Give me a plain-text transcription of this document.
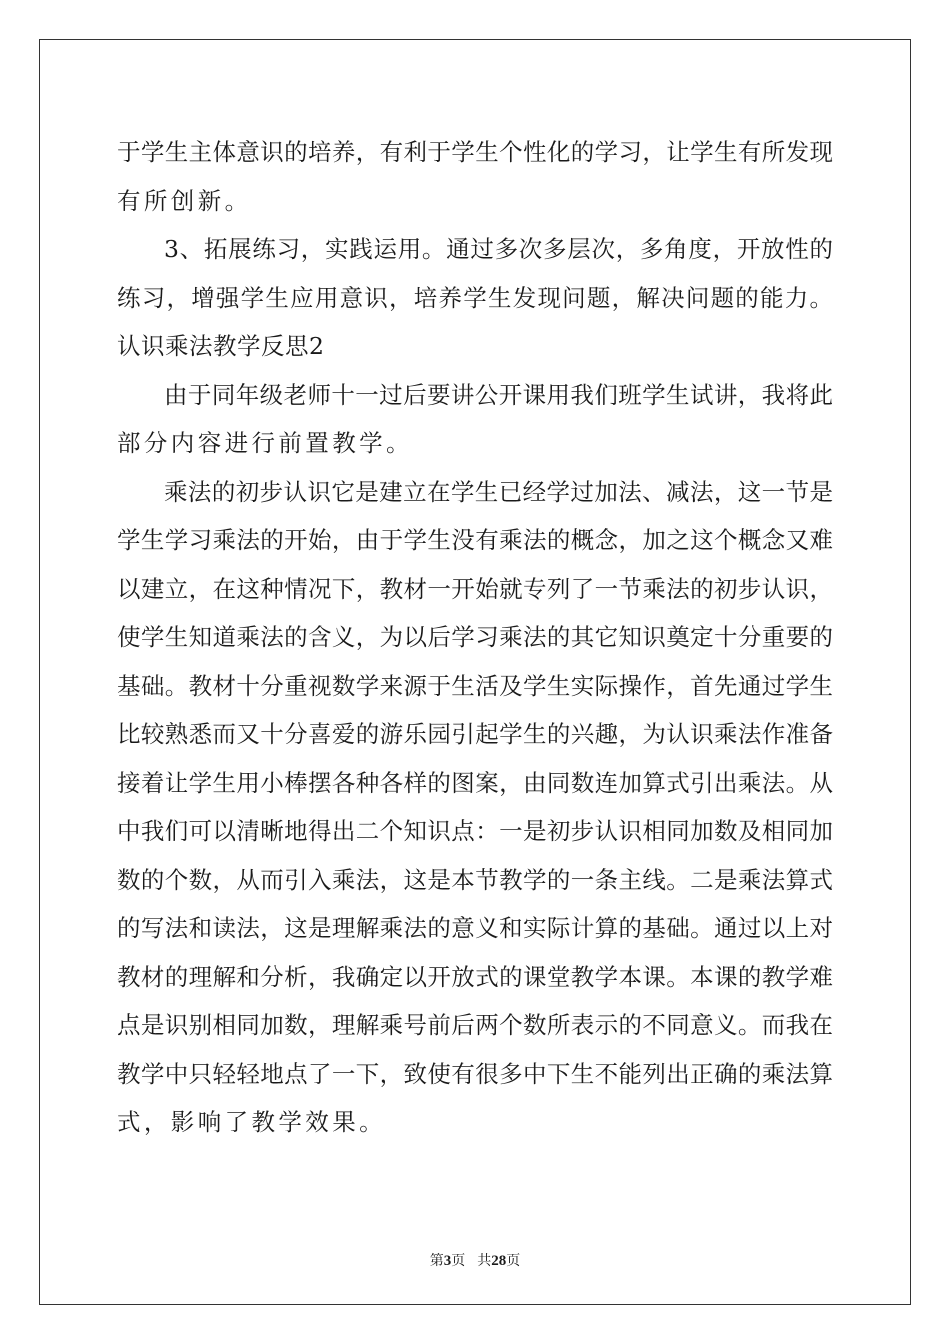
于学生主体意识的培养，有利于学生个性化的学习，让学生有所发现
有所创新。
3、拓展练习，实践运用。通过多次多层次，多角度，开放性的
练习，增强学生应用意识，培养学生发现问题，解决问题的能力。
认识乘法教学反思2
由于同年级老师十一过后要讲公开课用我们班学生试讲，我将此
部分内容进行前置教学。
乘法的初步认识它是建立在学生已经学过加法、减法，这一节是
学生学习乘法的开始，由于学生没有乘法的概念，加之这个概念又难
以建立，在这种情况下，教材一开始就专列了一节乘法的初步认识，
使学生知道乘法的含义，为以后学习乘法的其它知识奠定十分重要的
基础。教材十分重视数学来源于生活及学生实际操作，首先通过学生
比较熟悉而又十分喜爱的游乐园引起学生的兴趣，为认识乘法作准备
接着让学生用小棒摆各种各样的图案，由同数连加算式引出乘法。从
中我们可以清晰地得出二个知识点：一是初步认识相同加数及相同加
数的个数，从而引入乘法，这是本节教学的一条主线。二是乘法算式
的写法和读法，这是理解乘法的意义和实际计算的基础。通过以上对
教材的理解和分析，我确定以开放式的课堂教学本课。本课的教学难
点是识别相同加数，理解乘号前后两个数所表示的不同意义。而我在
教学中只轻轻地点了一下，致使有很多中下生不能列出正确的乘法算
式，影响了教学效果。
第3页 共28页
